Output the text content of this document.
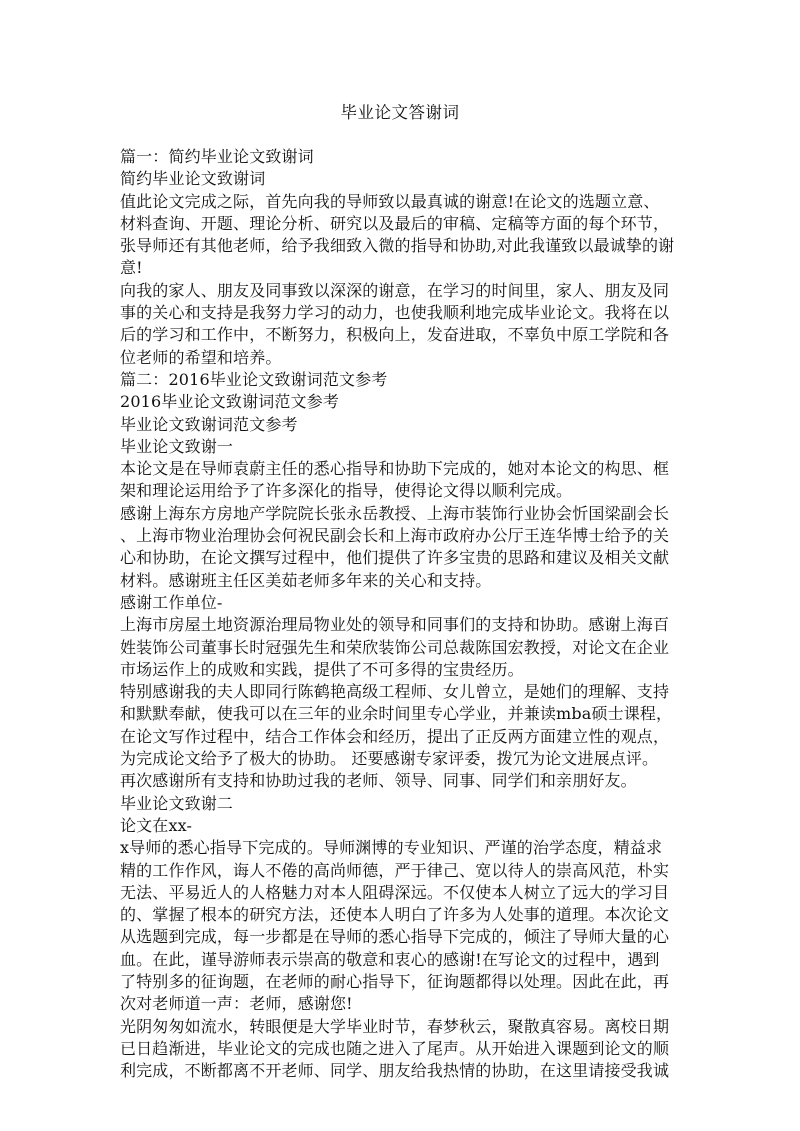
毕业论文答谢词
篇一：简约毕业论文致谢词
简约毕业论文致谢词
值此论文完成之际，首先向我的导师致以最真诚的谢意!在论文的选题立意、
材料查询、开题、理论分析、研究以及最后的审稿、定稿等方面的每个环节，
张导师还有其他老师，给予我细致入微的指导和协助,对此我谨致以最诚挚的谢
意!
向我的家人、朋友及同事致以深深的谢意，在学习的时间里，家人、朋友及同
事的关心和支持是我努力学习的动力，也使我顺利地完成毕业论文。我将在以
后的学习和工作中，不断努力，积极向上，发奋进取，不辜负中原工学院和各
位老师的希望和培养。
篇二：2016毕业论文致谢词范文参考
2016毕业论文致谢词范文参考
毕业论文致谢词范文参考
毕业论文致谢一
本论文是在导师袁蔚主任的悉心指导和协助下完成的，她对本论文的构思、框
架和理论运用给予了许多深化的指导，使得论文得以顺利完成。
感谢上海东方房地产学院院长张永岳教授、上海市装饰行业协会忻国梁副会长
、上海市物业治理协会何祝民副会长和上海市政府办公厅王连华博士给予的关
心和协助，在论文撰写过程中，他们提供了许多宝贵的思路和建议及相关文献
材料。感谢班主任区美茹老师多年来的关心和支持。
感谢工作单位-
上海市房屋土地资源治理局物业处的领导和同事们的支持和协助。感谢上海百
姓装饰公司董事长时冠强先生和荣欣装饰公司总裁陈国宏教授，对论文在企业
市场运作上的成败和实践，提供了不可多得的宝贵经历。
特别感谢我的夫人即同行陈鹤艳高级工程师、女儿曾立，是她们的理解、支持
和默默奉献，使我可以在三年的业余时间里专心学业，并兼读mba硕士课程，
在论文写作过程中，结合工作体会和经历，提出了正反两方面建立性的观点，
为完成论文给予了极大的协助。 还要感谢专家评委，拨冗为论文进展点评。
再次感谢所有支持和协助过我的老师、领导、同事、同学们和亲朋好友。
毕业论文致谢二
论文在xx-
x导师的悉心指导下完成的。导师渊博的专业知识、严谨的治学态度，精益求
精的工作作风，诲人不倦的高尚师德，严于律己、宽以待人的崇高风范，朴实
无法、平易近人的人格魅力对本人阻碍深远。不仅使本人树立了远大的学习目
的、掌握了根本的研究方法，还使本人明白了许多为人处事的道理。本次论文
从选题到完成，每一步都是在导师的悉心指导下完成的，倾注了导师大量的心
血。在此，谨导游师表示崇高的敬意和衷心的感谢!在写论文的过程中，遇到
了特别多的征询题，在老师的耐心指导下，征询题都得以处理。因此在此，再
次对老师道一声：老师，感谢您!
光阴匆匆如流水，转眼便是大学毕业时节，春梦秋云，聚散真容易。离校日期
已日趋渐进，毕业论文的完成也随之进入了尾声。从开始进入课题到论文的顺
利完成，不断都离不开老师、同学、朋友给我热情的协助，在这里请接受我诚
